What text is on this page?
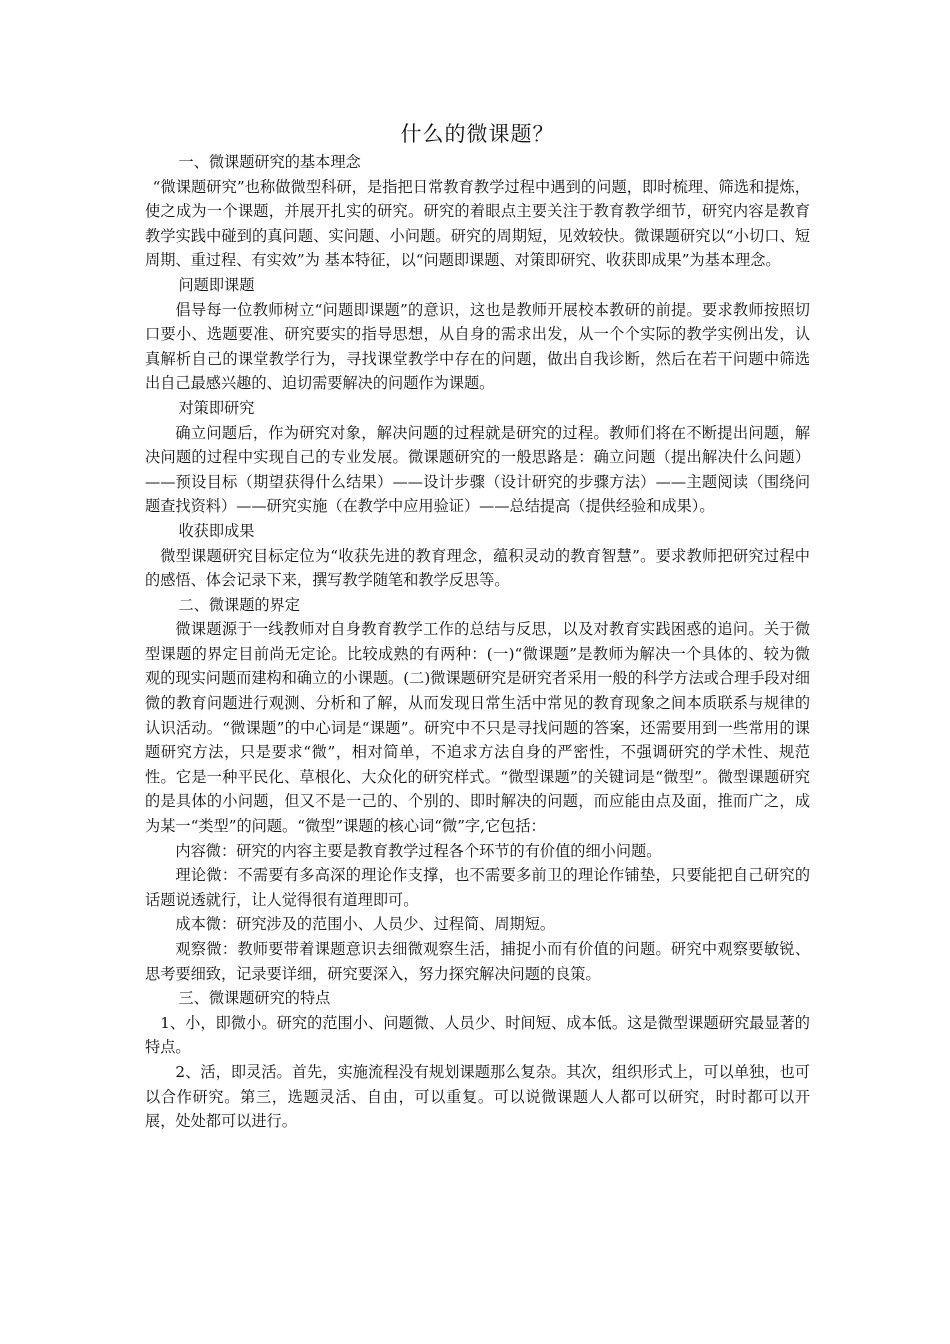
什么的微课题？

一、微课题研究的基本理念

“微课题研究”也称做微型科研，是指把日常教育教学过程中遇到的问题，即时梳理、筛选和提炼，使之成为一个课题，并展开扎实的研究。研究的着眼点主要关注于教育教学细节，研究内容是教育教学实践中碰到的真问题、实问题、小问题。研究的周期短，见效较快。微课题研究以“小切口、短周期、重过程、有实效”为 基本特征，以“问题即课题、对策即研究、收获即成果”为基本理念。

问题即课题

倡导每一位教师树立“问题即课题”的意识，这也是教师开展校本教研的前提。要求教师按照切口要小、选题要准、研究要实的指导思想，从自身的需求出发，从一个个实际的教学实例出发，认真解析自己的课堂教学行为，寻找课堂教学中存在的问题，做出自我诊断，然后在若干问题中筛选出自己最感兴趣的、迫切需要解决的问题作为课题。

对策即研究

确立问题后，作为研究对象，解决问题的过程就是研究的过程。教师们将在不断提出问题，解决问题的过程中实现自己的专业发展。微课题研究的一般思路是：确立问题（提出解决什么问题）——预设目标（期望获得什么结果）——设计步骤（设计研究的步骤方法）——主题阅读（围绕问题查找资料）——研究实施（在教学中应用验证）——总结提高（提供经验和成果）。

收获即成果

微型课题研究目标定位为“收获先进的教育理念，蕴积灵动的教育智慧”。要求教师把研究过程中的感悟、体会记录下来，撰写教学随笔和教学反思等。

二、微课题的界定

微课题源于一线教师对自身教育教学工作的总结与反思，以及对教育实践困惑的追问。关于微型课题的界定目前尚无定论。比较成熟的有两种：(一)“微课题”是教师为解决一个具体的、较为微观的现实问题而建构和确立的小课题。(二)微课题研究是研究者采用一般的科学方法或合理手段对细微的教育问题进行观测、分析和了解，从而发现日常生活中常见的教育现象之间本质联系与规律的认识活动。“微课题”的中心词是“课题”。研究中不只是寻找问题的答案，还需要用到一些常用的课题研究方法，只是要求“微”，相对简单，不追求方法自身的严密性，不强调研究的学术性、规范性。它是一种平民化、草根化、大众化的研究样式。“微型课题”的关键词是“微型”。微型课题研究的是具体的小问题，但又不是一己的、个别的、即时解决的问题，而应能由点及面，推而广之，成为某一“类型”的问题。“微型”课题的核心词“微”字,它包括：

内容微：研究的内容主要是教育教学过程各个环节的有价值的细小问题。

理论微：不需要有多高深的理论作支撑，也不需要多前卫的理论作铺垫，只要能把自己研究的话题说透就行，让人觉得很有道理即可。

成本微：研究涉及的范围小、人员少、过程简、周期短。

观察微：教师要带着课题意识去细微观察生活，捕捉小而有价值的问题。研究中观察要敏锐、思考要细致，记录要详细，研究要深入，努力探究解决问题的良策。

三、微课题研究的特点

1、小，即微小。研究的范围小、问题微、人员少、时间短、成本低。这是微型课题研究最显著的特点。

2、活，即灵活。首先，实施流程没有规划课题那么复杂。其次，组织形式上，可以单独，也可以合作研究。第三，选题灵活、自由，可以重复。可以说微课题人人都可以研究，时时都可以开展，处处都可以进行。
